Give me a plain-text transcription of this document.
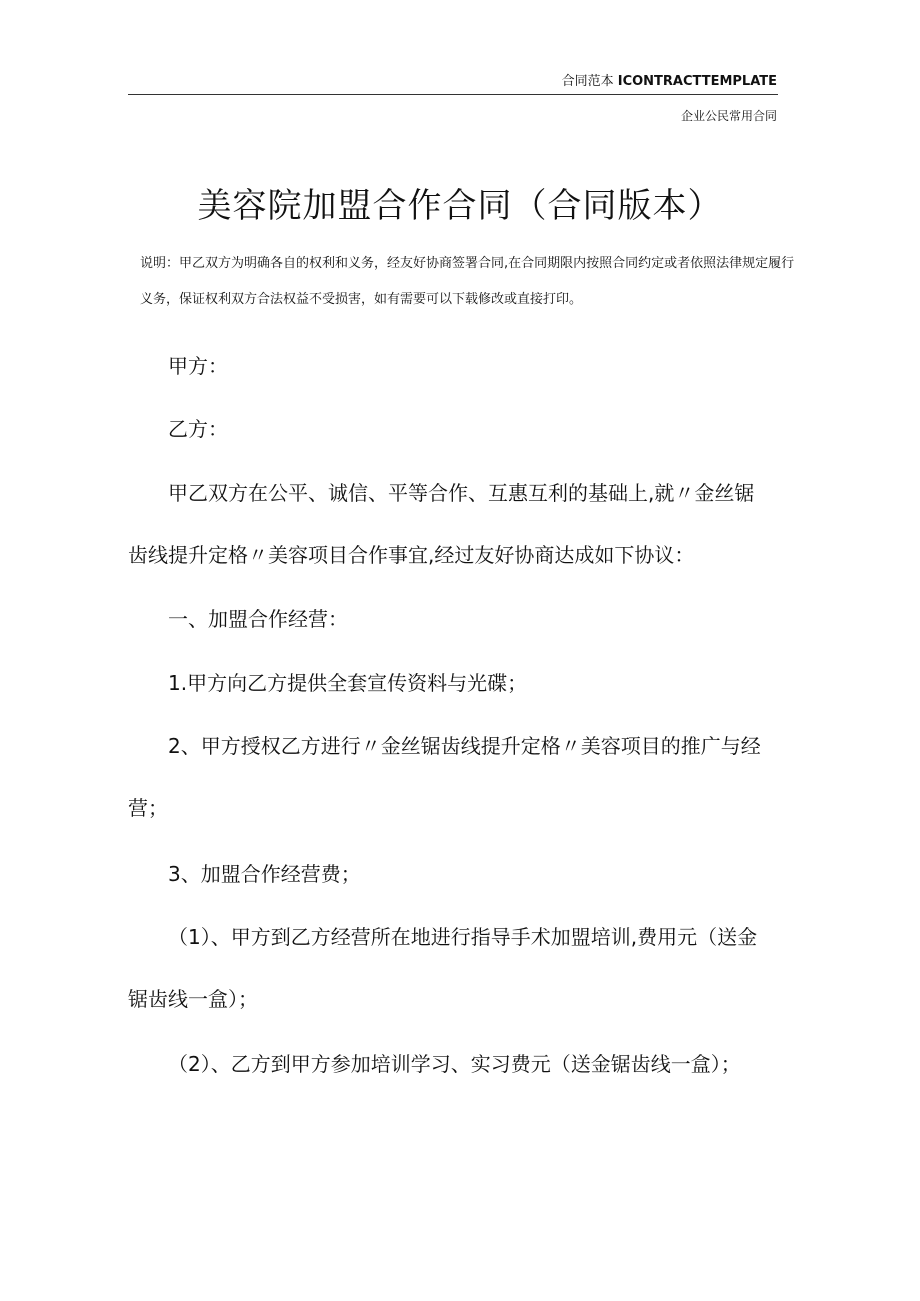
合同范本 ICONTRACTTEMPLATE
企业公民常用合同
美容院加盟合作合同（合同版本）
说明：甲乙双方为明确各自的权利和义务，经友好协商签署合同,在合同期限内按照合同约定或者依照法律规定履行义务，保证权利双方合法权益不受损害，如有需要可以下载修改或直接打印。

甲方：

乙方：

甲乙双方在公平、诚信、平等合作、互惠互利的基础上,就〃金丝锯齿线提升定格〃美容项目合作事宜,经过友好协商达成如下协议：

一、加盟合作经营：

1.甲方向乙方提供全套宣传资料与光碟；

2、甲方授权乙方进行〃金丝锯齿线提升定格〃美容项目的推广与经营；

3、加盟合作经营费；

（1）、甲方到乙方经营所在地进行指导手术加盟培训,费用元（送金锯齿线一盒）；

（2）、乙方到甲方参加培训学习、实习费元（送金锯齿线一盒）；
